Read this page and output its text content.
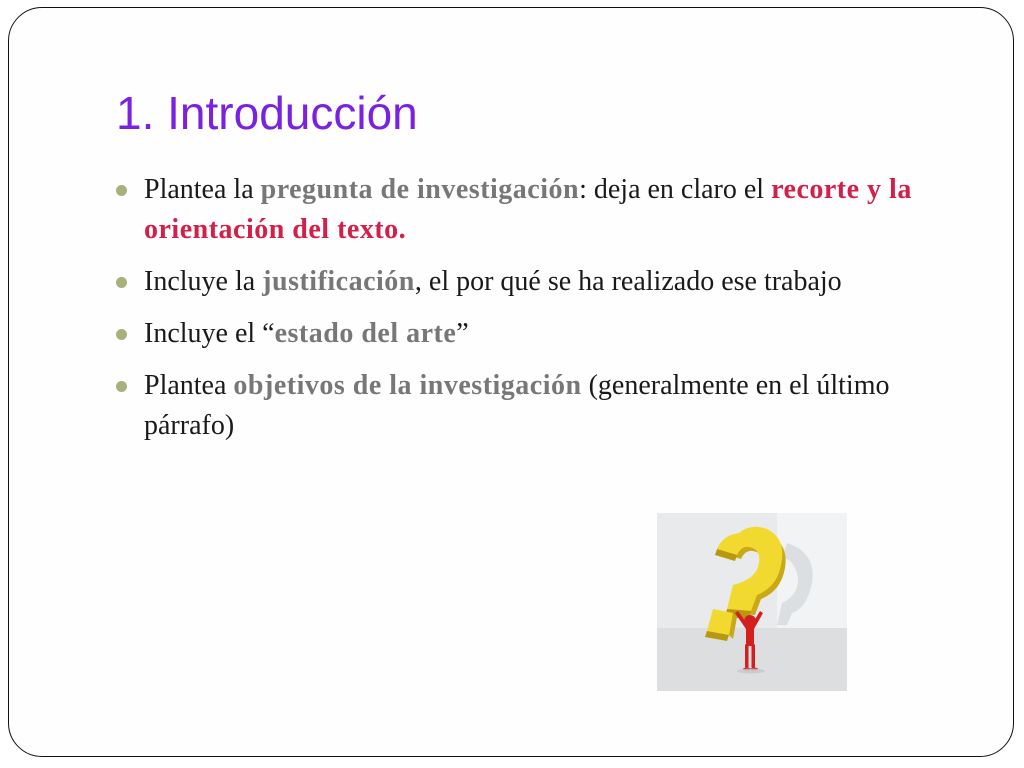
1. Introducción
Plantea la pregunta de investigación: deja en claro el recorte y la orientación del texto.
Incluye la justificación, el por qué se ha realizado ese trabajo
Incluye el “estado del arte”
Plantea objetivos de la investigación (generalmente en el último párrafo)
